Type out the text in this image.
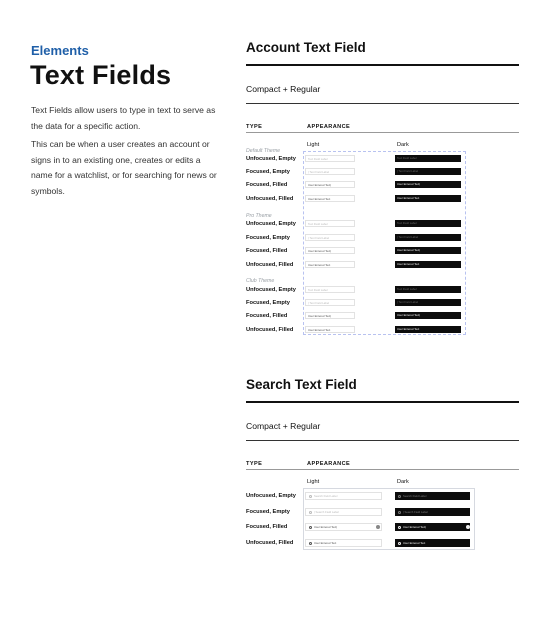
Elements
Text Fields
Text Fields allow users to type in text to serve as the data for a specific action.
This can be when a user creates an account or signs in to an existing one, creates or edits a name for a watchlist, or for searching for news or symbols.
Account Text Field
Compact + Regular
TYPE	APPEARANCE
Light	Dark
Default Theme
Unfocused, Empty	Text Field Label	Text Field Label
Focused, Empty	| Text Field Label	| Text Field Label
Focused, Filled	User Entered Text|	User Entered Text|
Unfocused, Filled	User Entered Text	User Entered Text
Pro Theme
Unfocused, Empty	Text Field Label	Text Field Label
Focused, Empty	| Text Field Label	| Text Field Label
Focused, Filled	User Entered Text|	User Entered Text|
Unfocused, Filled	User Entered Text	User Entered Text
Club Theme
Unfocused, Empty	Text Field Label	Text Field Label
Focused, Empty	| Text Field Label	| Text Field Label
Focused, Filled	User Entered Text|	User Entered Text|
Unfocused, Filled	User Entered Text	User Entered Text
Search Text Field
Compact + Regular
TYPE	APPEARANCE
Light	Dark
Unfocused, Empty	Search Field Label	Search Field Label
Focused, Empty	| Search Field Label	| Search Field Label
Focused, Filled	User Entered Text|	User Entered Text|
Unfocused, Filled	User Entered Text	User Entered Text
